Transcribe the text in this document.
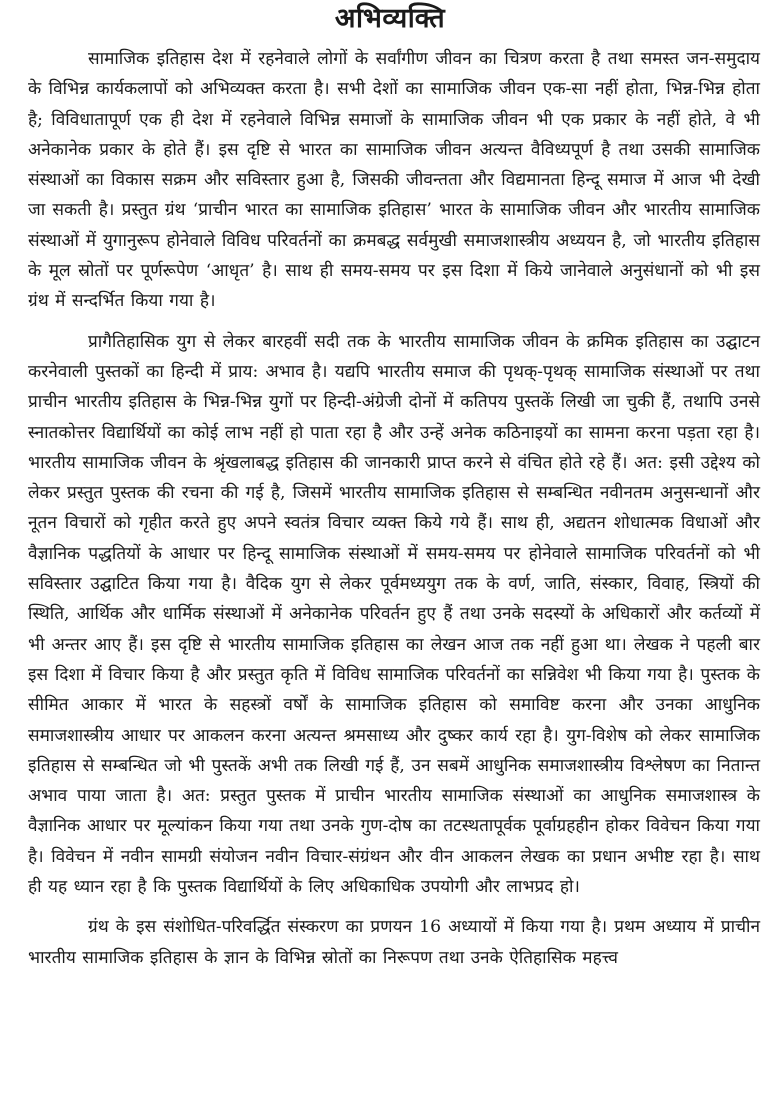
अभिव्यक्ति

सामाजिक इतिहास देश में रहनेवाले लोगों के सर्वांगीण जीवन का चित्रण करता है तथा समस्त जन-समुदाय के विभिन्न कार्यकलापों को अभिव्यक्त करता है। सभी देशों का सामाजिक जीवन एक-सा नहीं होता, भिन्न-भिन्न होता है; विविधातापूर्ण एक ही देश में रहनेवाले विभिन्न समाजों के सामाजिक जीवन भी एक प्रकार के नहीं होते, वे भी अनेकानेक प्रकार के होते हैं। इस दृष्टि से भारत का सामाजिक जीवन अत्यन्त वैविध्यपूर्ण है तथा उसकी सामाजिक संस्थाओं का विकास सक्रम और सविस्तार हुआ है, जिसकी जीवन्तता और विद्यमानता हिन्दू समाज में आज भी देखी जा सकती है। प्रस्तुत ग्रंथ ‘प्राचीन भारत का सामाजिक इतिहास’ भारत के सामाजिक जीवन और भारतीय सामाजिक संस्थाओं में युगानुरूप होनेवाले विविध परिवर्तनों का क्रमबद्ध सर्वमुखी समाजशास्त्रीय अध्ययन है, जो भारतीय इतिहास के मूल स्रोतों पर पूर्णरूपेण ‘आधृत’ है। साथ ही समय-समय पर इस दिशा में किये जानेवाले अनुसंधानों को भी इस ग्रंथ में सन्दर्भित किया गया है।

प्रागैतिहासिक युग से लेकर बारहवीं सदी तक के भारतीय सामाजिक जीवन के क्रमिक इतिहास का उद्घाटन करनेवाली पुस्तकों का हिन्दी में प्राय: अभाव है। यद्यपि भारतीय समाज की पृथक्-पृथक् सामाजिक संस्थाओं पर तथा प्राचीन भारतीय इतिहास के भिन्न-भिन्न युगों पर हिन्दी-अंग्रेजी दोनों में कतिपय पुस्तकें लिखी जा चुकी हैं, तथापि उनसे स्नातकोत्तर विद्यार्थियों का कोई लाभ नहीं हो पाता रहा है और उन्हें अनेक कठिनाइयों का सामना करना पड़ता रहा है। भारतीय सामाजिक जीवन के श्रृंखलाबद्ध इतिहास की जानकारी प्राप्त करने से वंचित होते रहे हैं। अत: इसी उद्देश्य को लेकर प्रस्तुत पुस्तक की रचना की गई है, जिसमें भारतीय सामाजिक इतिहास से सम्बन्धित नवीनतम अनुसन्धानों और नूतन विचारों को गृहीत करते हुए अपने स्वतंत्र विचार व्यक्त किये गये हैं। साथ ही, अद्यतन शोधात्मक विधाओं और वैज्ञानिक पद्धतियों के आधार पर हिन्दू सामाजिक संस्थाओं में समय-समय पर होनेवाले सामाजिक परिवर्तनों को भी सविस्तार उद्घाटित किया गया है। वैदिक युग से लेकर पूर्वमध्ययुग तक के वर्ण, जाति, संस्कार, विवाह, स्त्रियों की स्थिति, आर्थिक और धार्मिक संस्थाओं में अनेकानेक परिवर्तन हुए हैं तथा उनके सदस्यों के अधिकारों और कर्तव्यों में भी अन्तर आए हैं। इस दृष्टि से भारतीय सामाजिक इतिहास का लेखन आज तक नहीं हुआ था। लेखक ने पहली बार इस दिशा में विचार किया है और प्रस्तुत कृति में विविध सामाजिक परिवर्तनों का सन्निवेश भी किया गया है। पुस्तक के सीमित आकार में भारत के सहस्त्रों वर्षों के सामाजिक इतिहास को समाविष्ट करना और उनका आधुनिक समाजशास्त्रीय आधार पर आकलन करना अत्यन्त श्रमसाध्य और दुष्कर कार्य रहा है। युग-विशेष को लेकर सामाजिक इतिहास से सम्बन्धित जो भी पुस्तकें अभी तक लिखी गई हैं, उन सबमें आधुनिक समाजशास्त्रीय विश्लेषण का नितान्त अभाव पाया जाता है। अत: प्रस्तुत पुस्तक में प्राचीन भारतीय सामाजिक संस्थाओं का आधुनिक समाजशास्त्र के वैज्ञानिक आधार पर मूल्यांकन किया गया तथा उनके गुण-दोष का तटस्थतापूर्वक पूर्वाग्रहहीन होकर विवेचन किया गया है। विवेचन में नवीन सामग्री संयोजन नवीन विचार-संग्रंथन और वीन आकलन लेखक का प्रधान अभीष्ट रहा है। साथ ही यह ध्यान रहा है कि पुस्तक विद्यार्थियों के लिए अधिकाधिक उपयोगी और लाभप्रद हो।

ग्रंथ के इस संशोधित-परिवर्द्धित संस्करण का प्रणयन 16 अध्यायों में किया गया है। प्रथम अध्याय में प्राचीन भारतीय सामाजिक इतिहास के ज्ञान के विभिन्न स्रोतों का निरूपण तथा उनके ऐतिहासिक महत्त्व
